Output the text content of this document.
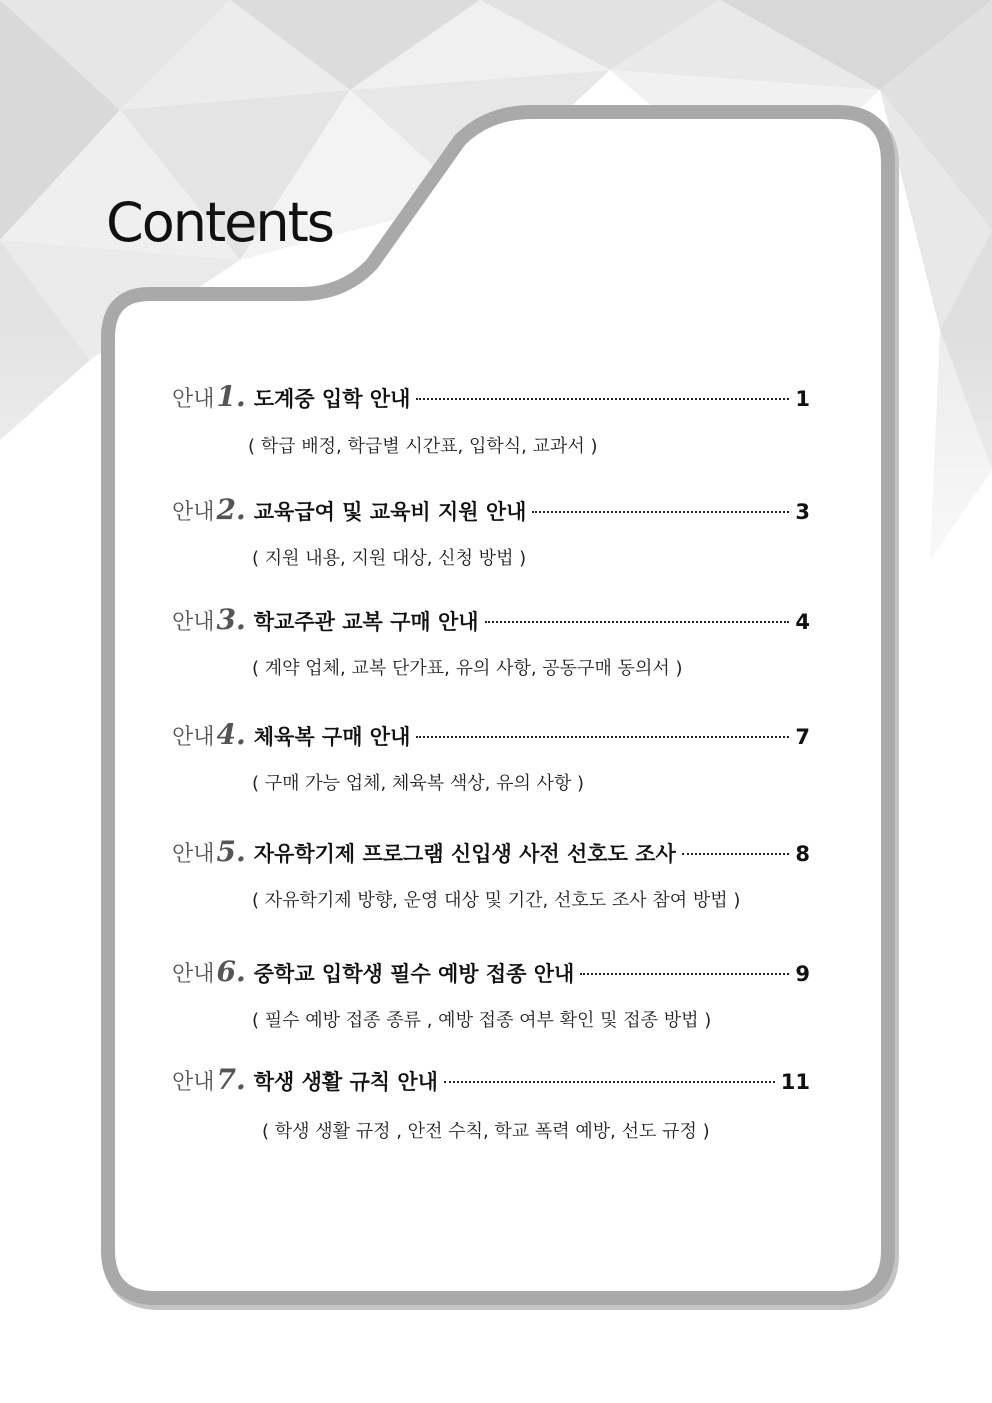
Contents
안내 1. 도계중 입학 안내	1
( 학급 배정, 학급별 시간표, 입학식, 교과서 )
안내 2. 교육급여 및 교육비 지원 안내	3
( 지원 내용, 지원 대상, 신청 방법 )
안내 3. 학교주관 교복 구매 안내	4
( 계약 업체, 교복 단가표, 유의 사항, 공동구매 동의서 )
안내 4. 체육복 구매 안내	7
( 구매 가능 업체, 체육복 색상, 유의 사항 )
안내 5. 자유학기제 프로그램 신입생 사전 선호도 조사	8
( 자유학기제 방향, 운영 대상 및 기간, 선호도 조사 참여 방법 )
안내 6. 중학교 입학생 필수 예방 접종 안내	9
( 필수 예방 접종 종류 , 예방 접종 여부 확인 및 접종 방법 )
안내 7. 학생 생활 규칙 안내	11
( 학생 생활 규정 , 안전 수칙, 학교 폭력 예방, 선도 규정 )
